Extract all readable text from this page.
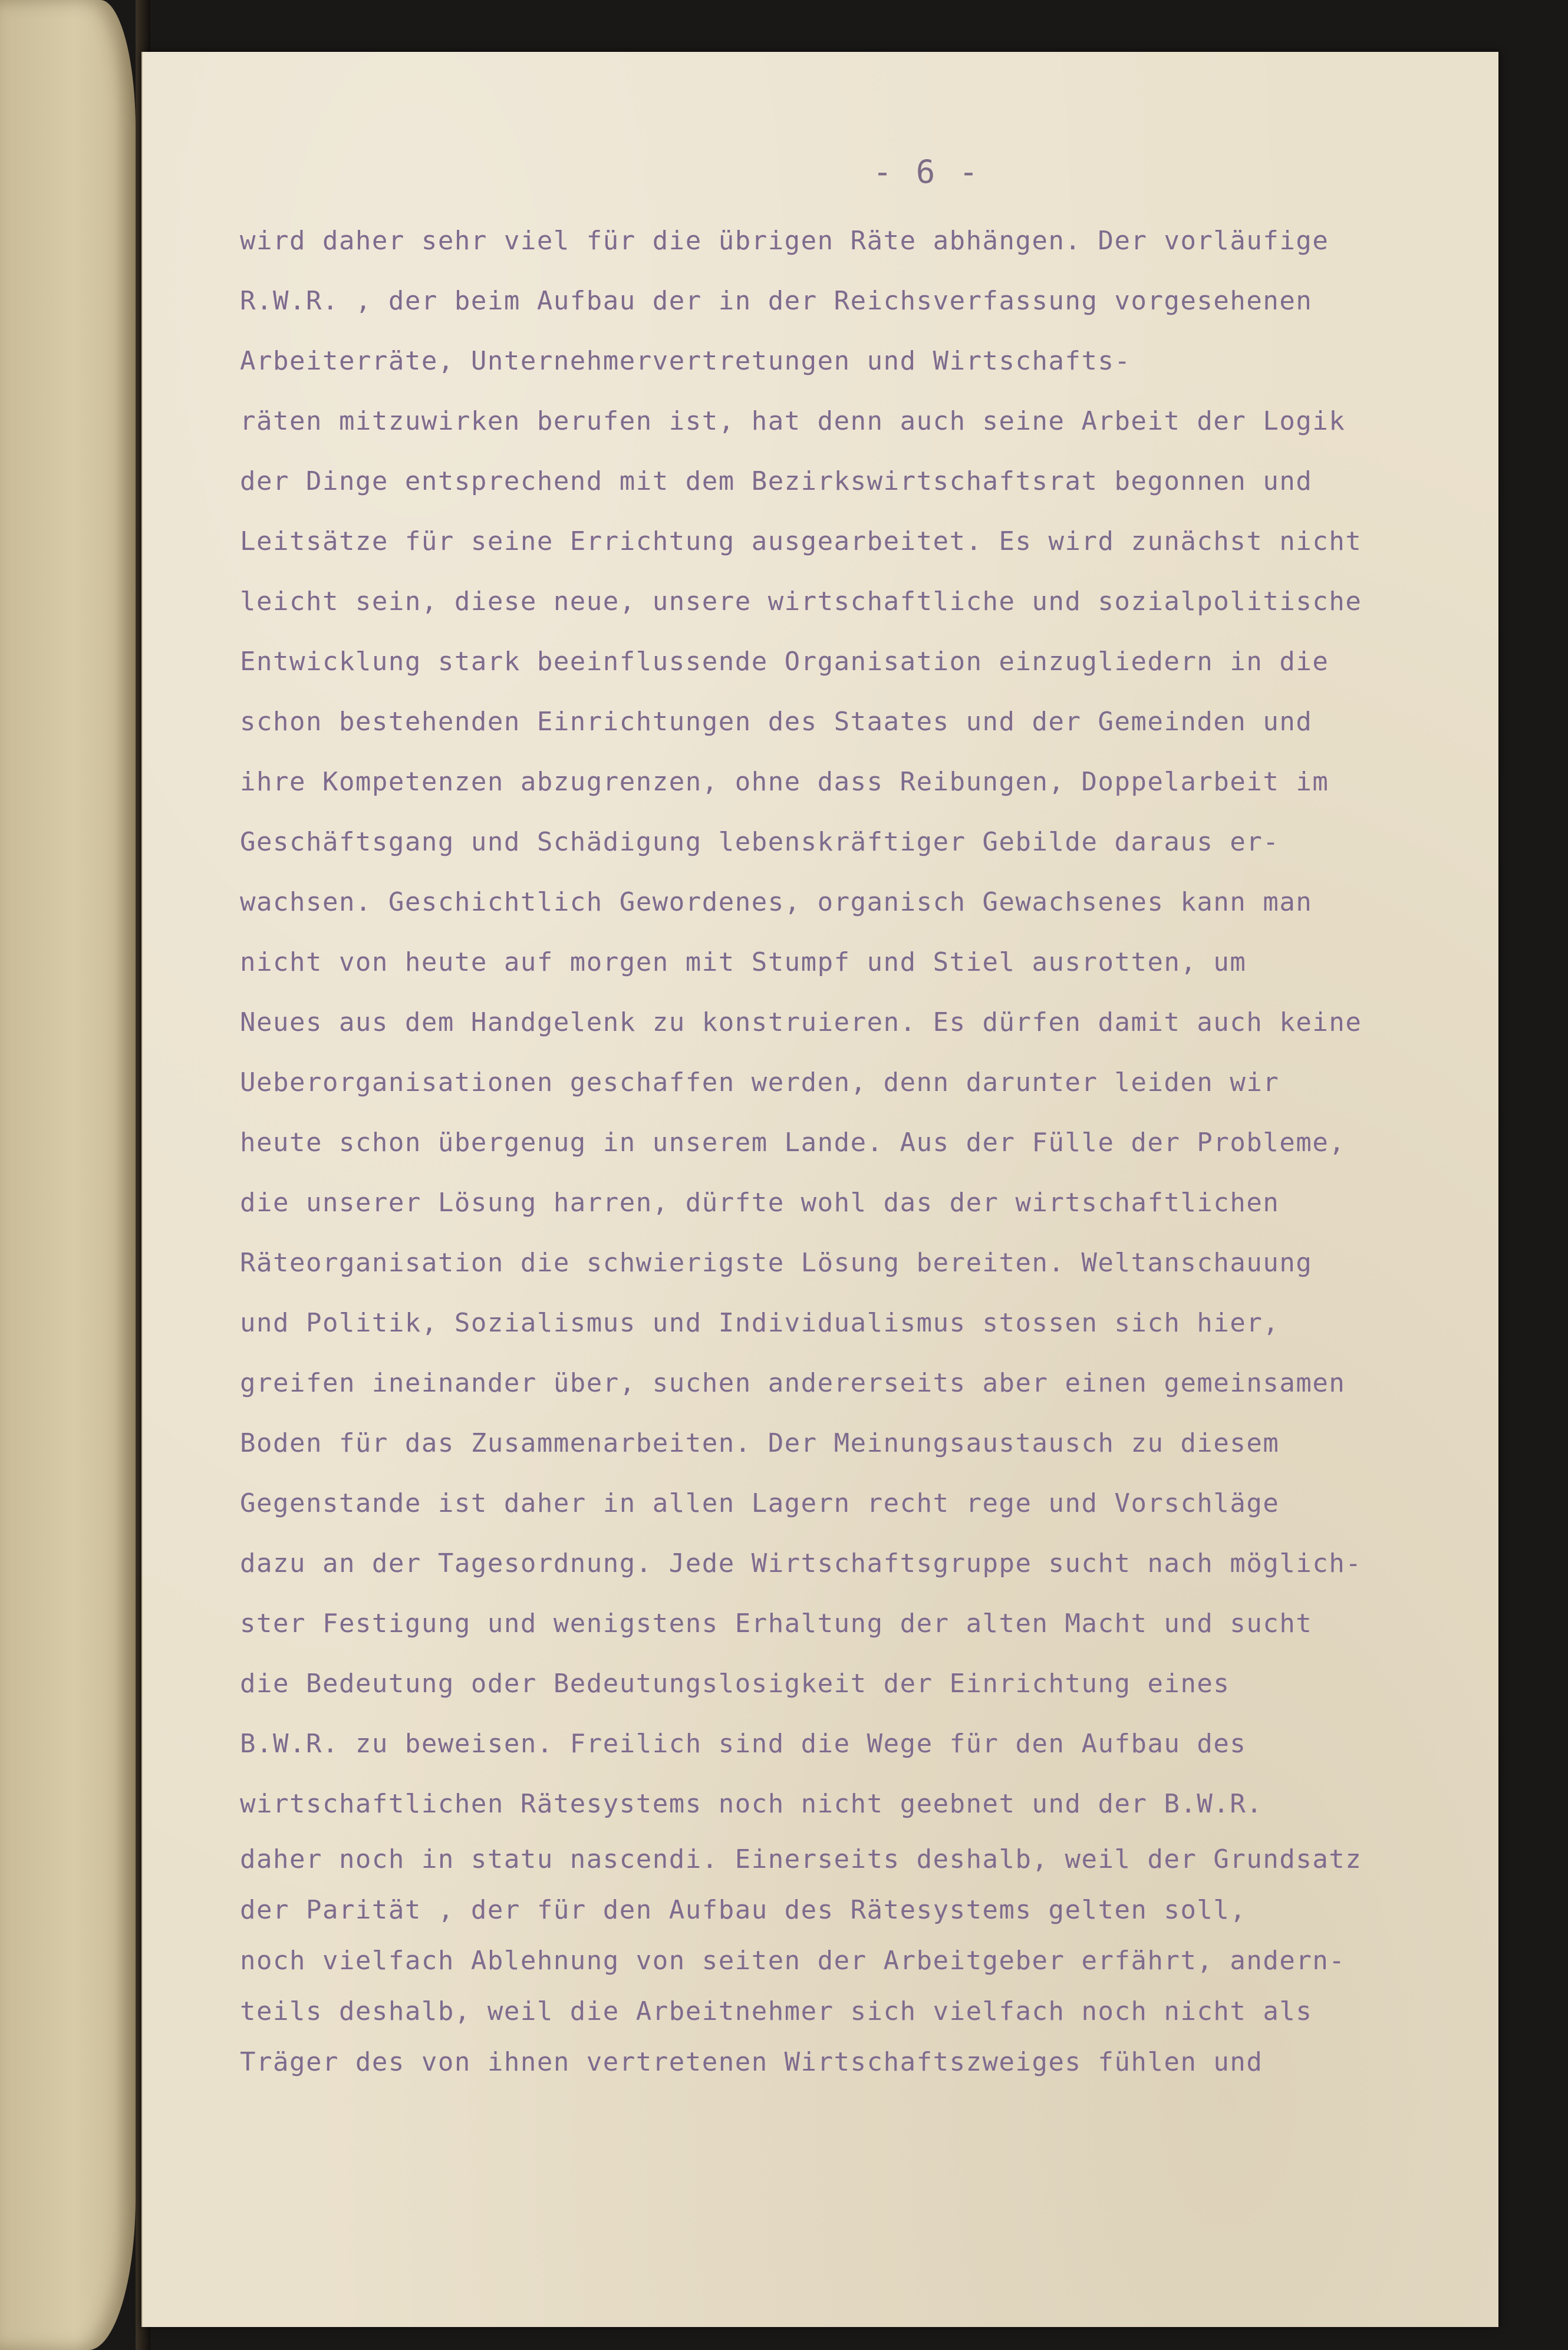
- 6 -
wird daher sehr viel für die übrigen Räte abhängen. Der vorläufige
R.W.R. , der beim Aufbau der in der Reichsverfassung vorgesehenen
Arbeiterräte, Unternehmervertretungen und Wirtschafts-
räten mitzuwirken berufen ist, hat denn auch seine Arbeit der Logik
der Dinge entsprechend mit dem Bezirkswirtschaftsrat begonnen und
Leitsätze für seine Errichtung ausgearbeitet. Es wird zunächst nicht
leicht sein, diese neue, unsere wirtschaftliche und sozialpolitische
Entwicklung stark beeinflussende Organisation einzugliedern in die
schon bestehenden Einrichtungen des Staates und der Gemeinden und
ihre Kompetenzen abzugrenzen, ohne dass Reibungen, Doppelarbeit im
Geschäftsgang und Schädigung lebenskräftiger Gebilde daraus er-
wachsen. Geschichtlich Gewordenes, organisch Gewachsenes kann man
nicht von heute auf morgen mit Stumpf und Stiel ausrotten, um
Neues aus dem Handgelenk zu konstruieren. Es dürfen damit auch keine
Ueberorganisationen geschaffen werden, denn darunter leiden wir
heute schon übergenug in unserem Lande. Aus der Fülle der Probleme,
die unserer Lösung harren, dürfte wohl das der wirtschaftlichen
Räteorganisation die schwierigste Lösung bereiten. Weltanschauung
und Politik, Sozialismus und Individualismus stossen sich hier,
greifen ineinander über, suchen andererseits aber einen gemeinsamen
Boden für das Zusammenarbeiten. Der Meinungsaustausch zu diesem
Gegenstande ist daher in allen Lagern recht rege und Vorschläge
dazu an der Tagesordnung. Jede Wirtschaftsgruppe sucht nach möglich-
ster Festigung und wenigstens Erhaltung der alten Macht und sucht
die Bedeutung oder Bedeutungslosigkeit der Einrichtung eines
B.W.R. zu beweisen. Freilich sind die Wege für den Aufbau des
wirtschaftlichen Rätesystems noch nicht geebnet und der B.W.R.
daher noch in statu nascendi. Einerseits deshalb, weil der Grundsatz
der Parität , der für den Aufbau des Rätesystems gelten soll,
noch vielfach Ablehnung von seiten der Arbeitgeber erfährt, andern-
teils deshalb, weil die Arbeitnehmer sich vielfach noch nicht als
Träger des von ihnen vertretenen Wirtschaftszweiges fühlen und
